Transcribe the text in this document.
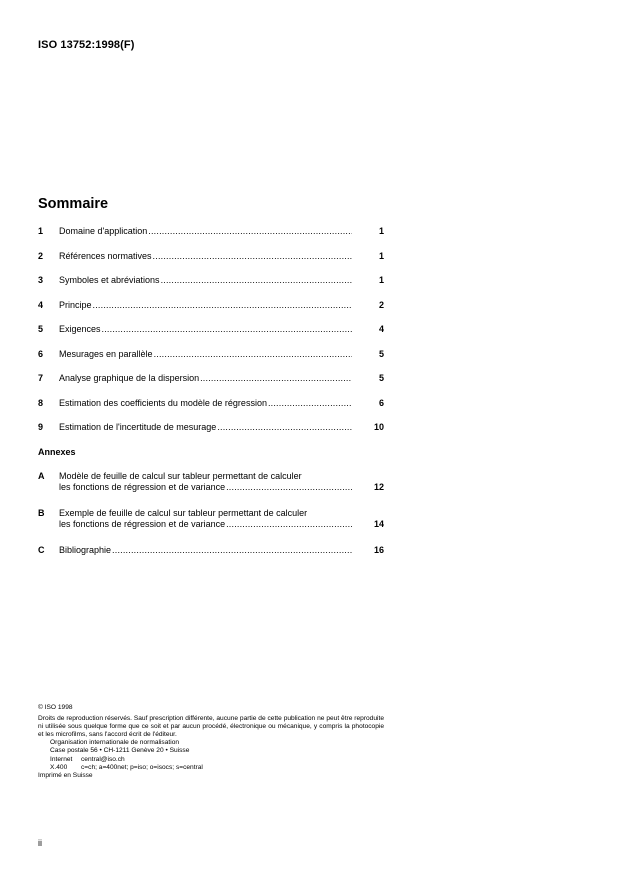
ISO 13752:1998(F)
Sommaire
1 Domaine d'application .....	1
2 Références normatives .....	1
3 Symboles et abréviations .....	1
4 Principe .....	2
5 Exigences .....	4
6 Mesurages en parallèle .....	5
7 Analyse graphique de la dispersion .....	5
8 Estimation des coefficients du modèle de régression .....	6
9 Estimation de l'incertitude de mesurage .....	10
Annexes
A Modèle de feuille de calcul sur tableur permettant de calculer
les fonctions de régression et de variance .....	12
B Exemple de feuille de calcul sur tableur permettant de calculer
les fonctions de régression et de variance .....	14
C Bibliographie .....	16
© ISO 1998
Droits de reproduction réservés. Sauf prescription différente, aucune partie de cette publication ne peut être reproduite ni utilisée sous quelque forme que ce soit et par aucun procédé, électronique ou mécanique, y compris la photocopie et les microfilms, sans l'accord écrit de l'éditeur.
Organisation internationale de normalisation
Case postale 56 • CH-1211 Genève 20 • Suisse
Internet central@iso.ch
X.400 c=ch; a=400net; p=iso; o=isocs; s=central
Imprimé en Suisse
ii
